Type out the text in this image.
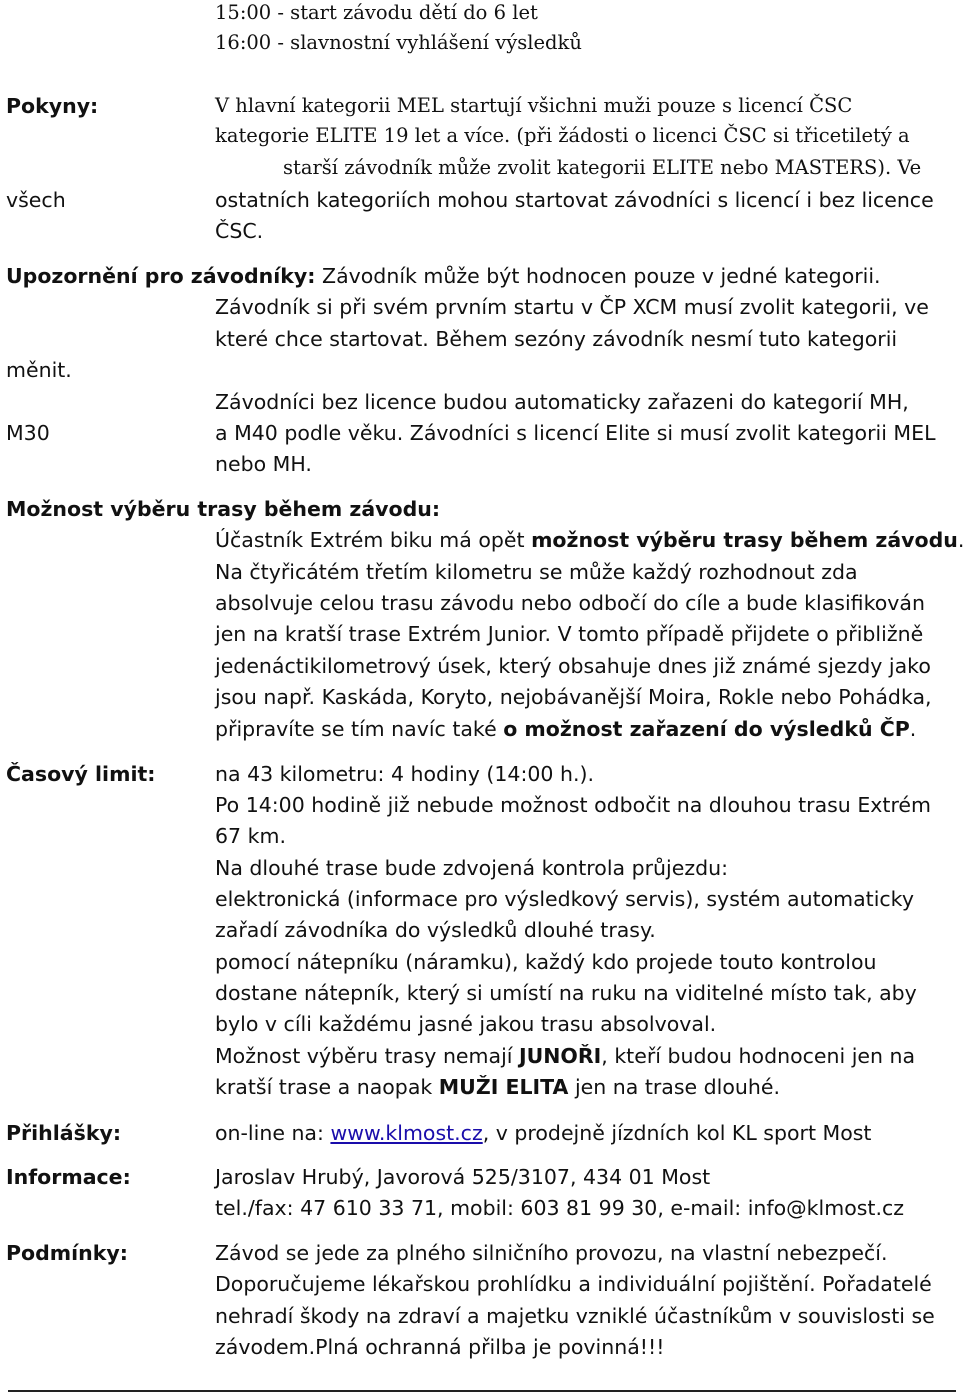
15:00 - start závodu dětí do 6 let
16:00 - slavnostní vyhlášení výsledků
Pokyny:	V hlavní kategorii MEL startují všichni muži pouze s licencí ČSC
kategorie ELITE 19 let a více. (při žádosti o licenci ČSC si třicetiletý a
starší závodník může zvolit kategorii ELITE nebo MASTERS). Ve
všech	ostatních kategoriích mohou startovat závodníci s licencí i bez licence
ČSC.
Upozornění pro závodníky: Závodník může být hodnocen pouze v jedné kategorii.
Závodník si při svém prvním startu v ČP XCM musí zvolit kategorii, ve
které chce startovat. Během sezóny závodník nesmí tuto kategorii
měnit.
Závodníci bez licence budou automaticky zařazeni do kategorií MH,
M30	a M40 podle věku. Závodníci s licencí Elite si musí zvolit kategorii MEL
nebo MH.
Možnost výběru trasy během závodu:
Účastník Extrém biku má opět možnost výběru trasy během závodu.
Na čtyřicátém třetím kilometru se může každý rozhodnout zda
absolvuje celou trasu závodu nebo odbočí do cíle a bude klasifikován
jen na kratší trase Extrém Junior. V tomto případě přijdete o přibližně
jedenáctikilometrový úsek, který obsahuje dnes již známé sjezdy jako
jsou např. Kaskáda, Koryto, nejobávanější Moira, Rokle nebo Pohádka,
připravíte se tím navíc také o možnost zařazení do výsledků ČP.
Časový limit:	na 43 kilometru: 4 hodiny (14:00 h.).
Po 14:00 hodině již nebude možnost odbočit na dlouhou trasu Extrém
67 km.
Na dlouhé trase bude zdvojená kontrola průjezdu:
elektronická (informace pro výsledkový servis), systém automaticky
zařadí závodníka do výsledků dlouhé trasy.
pomocí nátepníku (náramku), každý kdo projede touto kontrolou
dostane nátepník, který si umístí na ruku na viditelné místo tak, aby
bylo v cíli každému jasné jakou trasu absolvoval.
Možnost výběru trasy nemají JUNOŘI, kteří budou hodnoceni jen na
kratší trase a naopak MUŽI ELITA jen na trase dlouhé.
Přihlášky:	on-line na: www.klmost.cz, v prodejně jízdních kol KL sport Most
Informace:	Jaroslav Hrubý, Javorová 525/3107, 434 01 Most
tel./fax: 47 610 33 71, mobil: 603 81 99 30, e-mail: info@klmost.cz
Podmínky:	Závod se jede za plného silničního provozu, na vlastní nebezpečí.
Doporučujeme lékařskou prohlídku a individuální pojištění. Pořadatelé
nehradí škody na zdraví a majetku vzniklé účastníkům v souvislosti se
závodem.Plná ochranná přilba je povinná!!!
